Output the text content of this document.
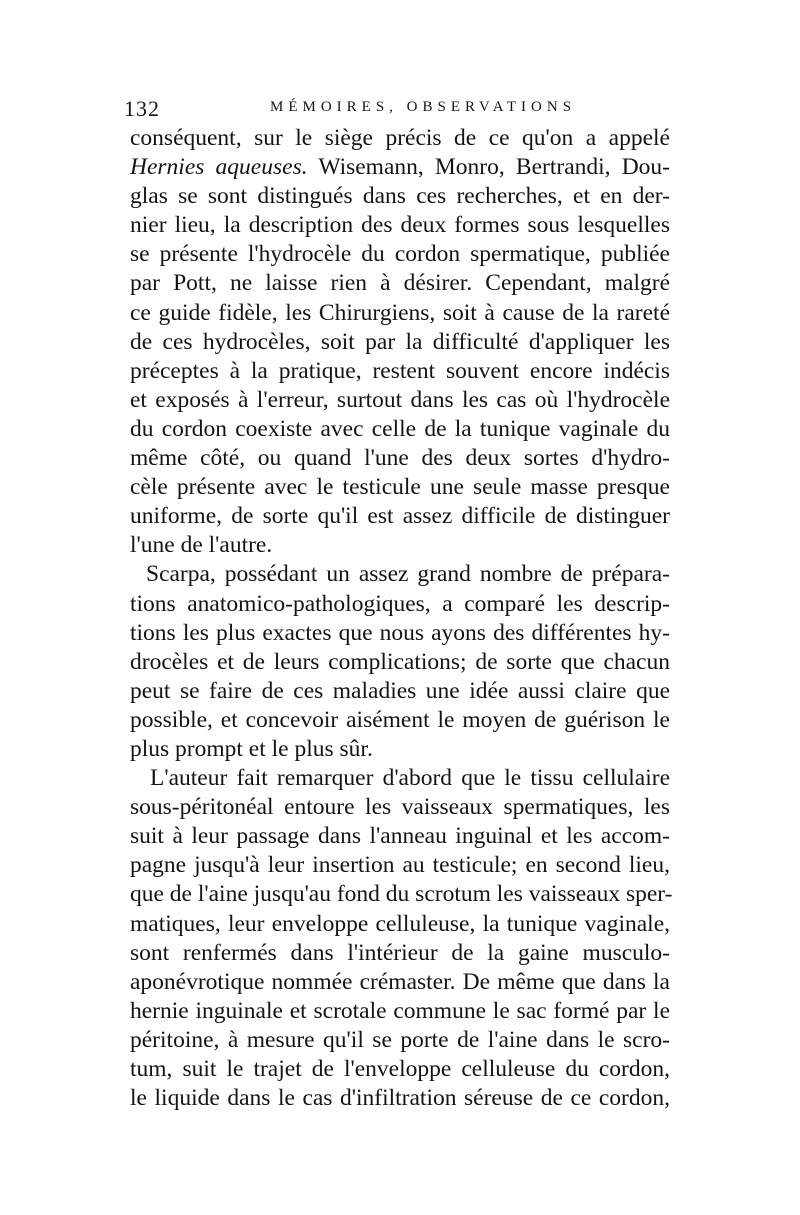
132	MÉMOIRES, OBSERVATIONS
conséquent, sur le siège précis de ce qu'on a appelé
Hernies aqueuses. Wisemann, Monro, Bertrandi, Dou-
glas se sont distingués dans ces recherches, et en der-
nier lieu, la description des deux formes sous lesquelles
se présente l'hydrocèle du cordon spermatique, publiée
par Pott, ne laisse rien à désirer. Cependant, malgré
ce guide fidèle, les Chirurgiens, soit à cause de la rareté
de ces hydrocèles, soit par la difficulté d'appliquer les
préceptes à la pratique, restent souvent encore indécis
et exposés à l'erreur, surtout dans les cas où l'hydrocèle
du cordon coexiste avec celle de la tunique vaginale du
même côté, ou quand l'une des deux sortes d'hydro-
cèle présente avec le testicule une seule masse presque
uniforme, de sorte qu'il est assez difficile de distinguer
l'une de l'autre.
Scarpa, possédant un assez grand nombre de prépara-
tions anatomico-pathologiques, a comparé les descrip-
tions les plus exactes que nous ayons des différentes hy-
drocèles et de leurs complications; de sorte que chacun
peut se faire de ces maladies une idée aussi claire que
possible, et concevoir aisément le moyen de guérison le
plus prompt et le plus sûr.
L'auteur fait remarquer d'abord que le tissu cellulaire
sous-péritonéal entoure les vaisseaux spermatiques, les
suit à leur passage dans l'anneau inguinal et les accom-
pagne jusqu'à leur insertion au testicule; en second lieu,
que de l'aine jusqu'au fond du scrotum les vaisseaux sper-
matiques, leur enveloppe celluleuse, la tunique vaginale,
sont renfermés dans l'intérieur de la gaine musculo-
aponévrotique nommée crémaster. De même que dans la
hernie inguinale et scrotale commune le sac formé par le
péritoine, à mesure qu'il se porte de l'aine dans le scro-
tum, suit le trajet de l'enveloppe celluleuse du cordon,
le liquide dans le cas d'infiltration séreuse de ce cordon,
